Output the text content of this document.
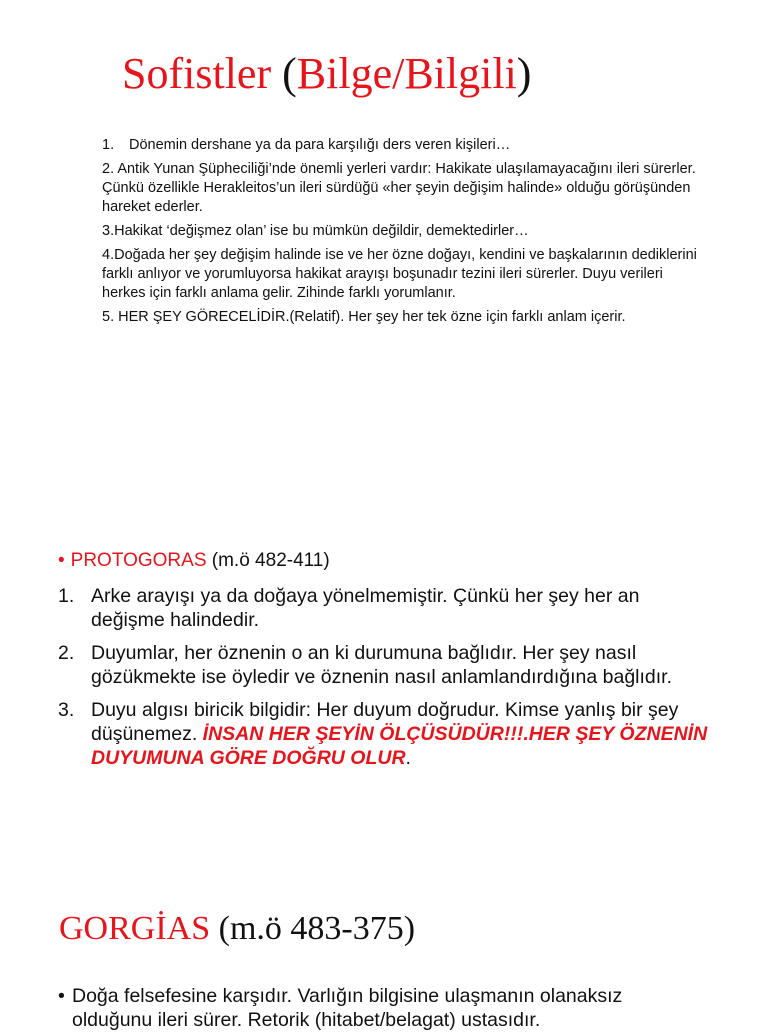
Sofistler (Bilge/Bilgili)
1. Dönemin dershane ya da para karşılığı ders veren kişileri…
2. Antik Yunan Şüpheciliği’nde önemli yerleri vardır: Hakikate ulaşılamayacağını ileri sürerler. Çünkü özellikle Herakleitos’un ileri sürdüğü «her şeyin değişim halinde» olduğu görüşünden hareket ederler.
3.Hakikat ‘değişmez olan’ ise bu mümkün değildir, demektedirler…
4.Doğada her şey değişim halinde ise ve her özne doğayı, kendini ve başkalarının dediklerini farklı anlıyor ve yorumluyorsa hakikat arayışı boşunadır tezini ileri sürerler. Duyu verileri herkes için farklı anlama gelir. Zihinde farklı yorumlanır.
5. HER ŞEY GÖRECELİDİR.(Relatif). Her şey her tek özne için farklı anlam içerir.
• PROTOGORAS (m.ö 482-411)
1. Arke arayışı ya da doğaya yönelmemiştir. Çünkü her şey her an değişme halindedir.
2. Duyumlar, her öznenin o an ki durumuna bağlıdır. Her şey nasıl gözükmekte ise öyledir ve öznenin nasıl anlamlandırdığına bağlıdır.
3. Duyu algısı biricik bilgidir: Her duyum doğrudur. Kimse yanlış bir şey düşünemez. İNSAN HER ŞEYİN ÖLÇÜSÜDÜR!!!.HER ŞEY ÖZNENİN DUYUMUNA GÖRE DOĞRU OLUR.
GORGİAS (m.ö 483-375)
• Doğa felsefesine karşıdır. Varlığın bilgisine ulaşmanın olanaksız olduğunu ileri sürer. Retorik (hitabet/belagat) ustasıdır.
